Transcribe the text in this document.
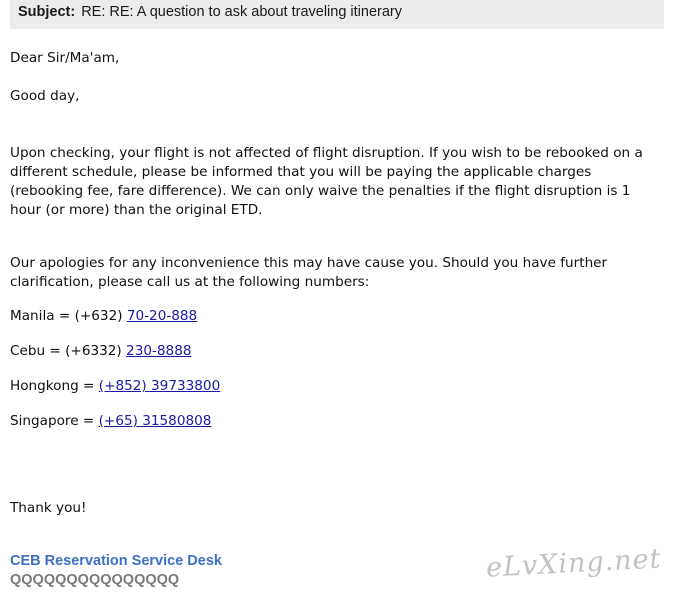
Subject: RE: RE: A question to ask about traveling itinerary
Dear Sir/Ma'am,
Good day,
Upon checking, your flight is not affected of flight disruption. If you wish to be rebooked on a
different schedule, please be informed that you will be paying the applicable charges
(rebooking fee, fare difference). We can only waive the penalties if the flight disruption is 1
hour (or more) than the original ETD.
Our apologies for any inconvenience this may have cause you. Should you have further
clarification, please call us at the following numbers:
Manila = (+632) 70-20-888
Cebu = (+6332) 230-8888
Hongkong = (+852) 39733800
Singapore = (+65) 31580808
Thank you!
CEB Reservation Service Desk
QQQQQQQQQQQQQQQ	eLvXing.net
